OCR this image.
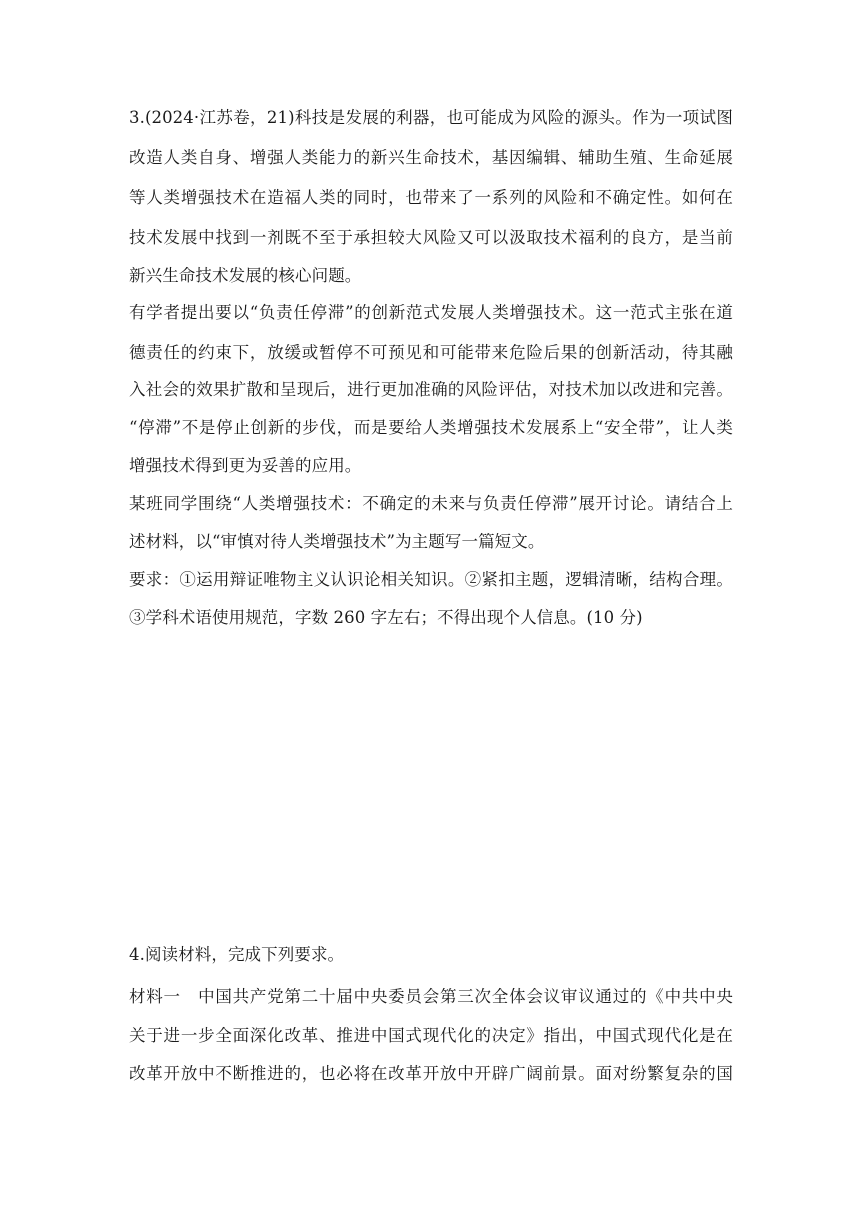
3.(2024·江苏卷，21)科技是发展的利器，也可能成为风险的源头。作为一项试图
改造人类自身、增强人类能力的新兴生命技术，基因编辑、辅助生殖、生命延展
等人类增强技术在造福人类的同时，也带来了一系列的风险和不确定性。如何在
技术发展中找到一剂既不至于承担较大风险又可以汲取技术福利的良方，是当前
新兴生命技术发展的核心问题。
有学者提出要以“负责任停滞”的创新范式发展人类增强技术。这一范式主张在道
德责任的约束下，放缓或暂停不可预见和可能带来危险后果的创新活动，待其融
入社会的效果扩散和呈现后，进行更加准确的风险评估，对技术加以改进和完善。
“停滞”不是停止创新的步伐，而是要给人类增强技术发展系上“安全带”，让人类
增强技术得到更为妥善的应用。
某班同学围绕“人类增强技术：不确定的未来与负责任停滞”展开讨论。请结合上
述材料，以“审慎对待人类增强技术”为主题写一篇短文。
要求：①运用辩证唯物主义认识论相关知识。②紧扣主题，逻辑清晰，结构合理。
③学科术语使用规范，字数 260 字左右；不得出现个人信息。(10 分)
4.阅读材料，完成下列要求。
材料一　中国共产党第二十届中央委员会第三次全体会议审议通过的《中共中央
关于进一步全面深化改革、推进中国式现代化的决定》指出，中国式现代化是在
改革开放中不断推进的，也必将在改革开放中开辟广阔前景。面对纷繁复杂的国
